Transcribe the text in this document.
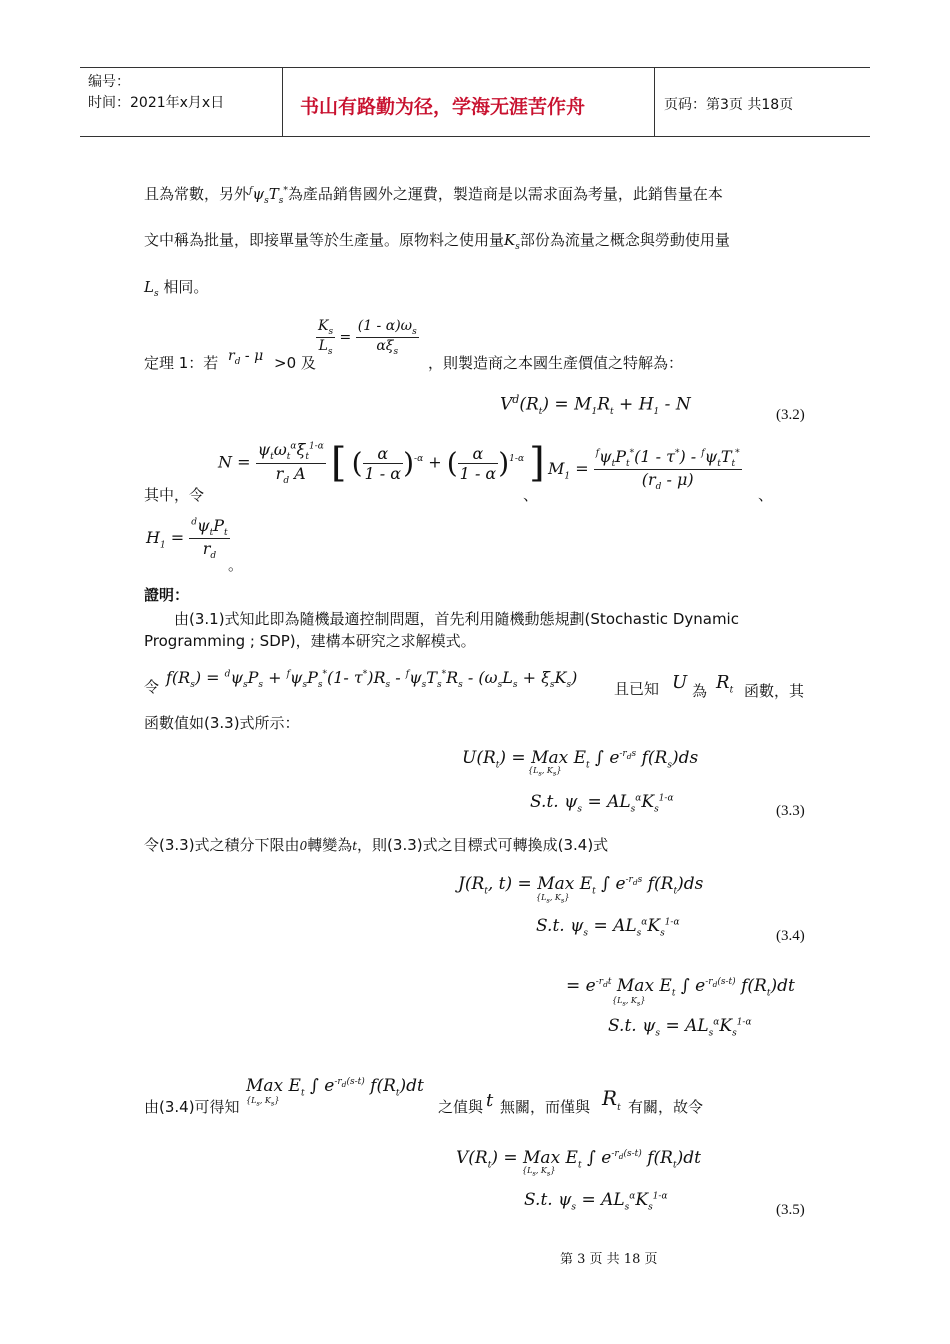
编号：
时间：2021年x月x日	书山有路勤为径，学海无涯苦作舟	页码：第3页 共18页
且為常數，另外$^f\psi_sT_s^*$為產品銷售國外之運費，製造商是以需求面為考量，此銷售量在本
文中稱為批量，即接單量等於生產量。原物料之使用量$K_s$部份為流量之概念與勞動使用量
$L_s$ 相同。
定理 1：若 $r_d - \mu >0$ 及
$\frac{K_s}{L_s} = \frac{(1 - \alpha)\omega_s}{\alpha\xi_s}$
，則製造商之本國生產價值之特解為：
$V^d(R_t) = M_1R_t + H_1 - N$
(3.2)
其中，令
$N = \frac{\psi_t\omega_t^\alpha\xi_t^{1-\alpha}}{r_d A}$ [ ( $\frac{\alpha}{1 - \alpha} )^{-\alpha}$ + ( $\frac{\alpha}{1 - \alpha} )^{1-\alpha}$ ]
、
$M_1 = \frac{^f\psi_tP_t^*(1 - \tau^*) - ^f\psi_tT_t^*}{(r_d - \mu)}$
、
$H_1 = \frac{^d\psi_tP_t}{r_d}$
。
證明：
由(3.1)式知此即為隨機最適控制問題，首先利用隨機動態規劃(Stochastic Dynamic Programming ; SDP)，建構本研究之求解模式。
令 $f(R_s) = ^d\psi_sP_s + ^f\psi_sP_s^*(1-$ $\tau^*)R_s - ^f\psi_sT_s^*R_s - (\omega_sL_s + \xi_sK_s)$
且已知 U 為 $R_t$ 函數，其
函數值如(3.3)式所示：
$U(R_t)$ = Max $E_t$ ∫ $e^{-r_ds}$ $f(R_s)ds$
{$L_s$, $K_s$}
S.t. $\psi_s = AL_s^\alpha K_s^{1-\alpha}$
(3.3)
令(3.3)式之積分下限由0轉變為t，則(3.3)式之目標式可轉換成(3.4)式
$J(R_t$, t) = Max $E_t$ ∫ $e^{-r_ds}$ $f(R_t)ds$
{$L_s$, $K_s$}
S.t. $\psi_s = AL_s^\alpha K_s^{1-\alpha}$
(3.4)
= $e^{-r_dt}$ Max $E_t$ ∫ $e^{-r_d(s-t)}$ $f(R_t)dt$
{$L_s$, $K_s$}
S.t. $\psi_s = AL_s^\alpha K_s^{1-\alpha}$
由(3.4)可得知
Max $E_t$ ∫ $e^{-r_d(s-t)}$ $f(R_t)dt$
{$L_s$, $K_s$}	之值與 t 無關，而僅與 $R_t$ 有關，故令
$V(R_t)$ = Max $E_t$ ∫ $e^{-r_d(s-t)}$ $f(R_t)dt$
{$L_s$, $K_s$}
S.t. $\psi_s = AL_s^\alpha K_s^{1-\alpha}$
(3.5)
第 3 页 共 18 页
